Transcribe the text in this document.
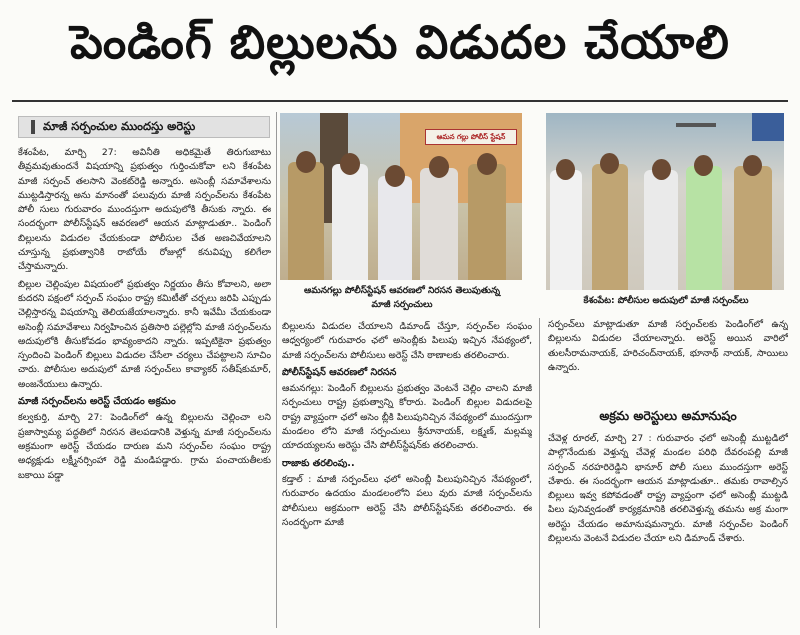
పెండింగ్ బిల్లులను విడుదల చేయాలి
మాజీ సర్పంచుల ముందస్తు అరెస్టు

కేశంపేట, మార్చి 27: అవినీతి అధికమైతే తిరుగుబాటు తీవ్రమవుతుందనే విషయాన్ని ప్రభుత్వం గుర్తించుకోవా లని కేశంపేట మాజీ సర్పంచ్ తలసాని వెంకట్‌రెడ్డి అన్నారు. అసెంబ్లీ సమావేశాలను ముట్టడిస్తారన్న అను మానంతో పలువురు మాజీ సర్పంచ్‌లను కేశంపేట పోలీ సులు గురువారం ముందస్తుగా అదుపులోకి తీసుకు న్నారు. ఈ సందర్భంగా పోలీస్‌స్టేషన్ ఆవరణలో ఆయన మాట్లాడుతూ.. పెండింగ్ బిల్లులను విడుదల చేయకుండా పోలీసుల చేత అణచివేయాలని చూస్తున్న ప్రభుత్వానికి రాబోయే రోజుల్లో కనువిప్పు కలిగేలా చేస్తామన్నారు.

బిల్లుల చెల్లింపుల విషయంలో ప్రభుత్వం నిర్ణయం తీసు కోవాలని, అలా కుదరని పక్షంలో సర్పంచ్ సంఘం రాష్ట్ర కమిటీతో చర్చలు జరిపి ఎప్పుడు చెల్లిస్తారన్న విషయాన్ని తెలియజేయాలన్నారు. కానీ ఇవేమీ చేయకుండా అసెంబ్లీ సమావేశాలు నిర్వహించిన ప్రతిసారి పల్లెల్లోని మాజీ సర్పంచ్‌లను అదుపులోకి తీసుకోవడం భావ్యంకాదని న్నారు. ఇప్పటికైనా ప్రభుత్వం స్పందించి పెండింగ్ బిల్లులు విడుదల చేసేలా చర్యలు చేపట్టాలని సూచిం చారు. పోలీసుల అదుపులో మాజీ సర్పంచ్‌లు కావ్యాకర్ సతీష్‌కుమార్, అంజనేయులు ఉన్నారు.

మాజీ సర్పంచ్‌లను అరెస్ట్ చేయడం అక్రమం

కల్వకుర్తి, మార్చి 27: పెండింగ్‌లో ఉన్న బిల్లులను చెల్లించా లని ప్రజాస్వామ్య పద్ధతిలో నిరసన తెలపడానికి వెళ్తున్న మాజీ సర్పంచ్‌లను అక్రమంగా అరెస్ట్ చేయడం దారుణ మని సర్పంచ్‌ల సంఘం రాష్ట్ర అధ్యక్షుడు లక్ష్మీనర్సింహా రెడ్డి మండిపడ్డారు. గ్రామ పంచాయతీలకు బకాయి పడ్డా

ఆమన గల్లు పోలీస్ స్టేషన్
ఆమనగల్లు పోలీస్‌స్టేషన్ ఆవరణలో నిరసన తెలుపుతున్న మాజీ సర్పంచులు	కేశంపేట: పోలీసుల అదుపులో మాజీ సర్పంచ్‌లు

బిల్లులను విడుదల చేయాలని డిమాండ్ చేస్తూ, సర్పంచ్‌ల సంఘం ఆధ్వర్యంలో గురువారం ఛలో అసెంబ్లీకు పిలుపు ఇచ్చిన నేపథ్యంలో, మాజీ సర్పంచ్‌లను పోలీసులు అరెస్ట్ చేసి ఠాణాలకు తరలించారు.

పోలీస్‌స్టేషన్ ఆవరణలో నిరసన

ఆమనగల్లు: పెండింగ్ బిల్లులను ప్రభుత్వం వెంటనే చెల్లిం చాలని మాజీ సర్పంచులు రాష్ట్ర ప్రభుత్వాన్ని కోరారు. పెండింగ్ బిల్లుల విడుదలపై రాష్ట్ర వ్యాప్తంగా ఛలో అసెం బ్లీకి పిలుపునిచ్చిన నేపథ్యంలో ముందస్తుగా మండలం లోని మాజీ సర్పంచులు శ్రీనూనాయక్, లక్ష్మణ్, మల్లమ్మ యాదయ్యలను అరెస్టు చేసి పోలీస్‌స్టేషన్‌కు తరలించారు.

రాజాకు తరలింపు..

కడ్తాల్ : మాజీ సర్పంచ్‌లు ఛలో అసెంబ్లీ పిలుపునిచ్చిన నేపథ్యంలో, గురువారం ఉదయం మండలంలోని పలు వురు మాజీ సర్పంచ్‌లను పోలీసులు అక్రమంగా అరెస్ట్ చేసి పోలీస్‌స్టేషన్‌కు తరలించారు. ఈ సందర్భంగా మాజీ

సర్పంచ్‌లు మాట్లాడుతూ మాజీ సర్పంచ్‌లకు పెండింగ్‌లో ఉన్న బిల్లులను విడుదల చేయాలన్నారు. అరెస్ట్ అయిన వారిలో తులసీరామనాయక్, హరిచంద్‌నాయక్, భూనాథ్ నాయక్, సాయిలు ఉన్నారు.

అక్రమ అరెస్టులు అమానుషం

చేవెళ్ల రూరల్, మార్చి 27 : గురువారం ఛలో అసెంబ్లీ ముట్టడిలో పాల్గొనేందుకు వెళ్తున్న చేవెళ్ల మండల పరిధి దేవరంపల్లి మాజీ సర్పంచ్ నరహరిరెడ్డిని భానూర్ పోలీ సులు ముందస్తుగా అరెస్ట్ చేశారు. ఈ సందర్భంగా ఆయన మాట్లాడుతూ.. తమకు రావాల్సిన బిల్లులు ఇవ్వ కపోవడంతో రాష్ట్ర వ్యాప్తంగా ఛలో అసెంబ్లీ ముట్టడి పిలు పునివ్వడంతో కార్యక్రమానికి తరలివెళ్తున్న తమను అక్ర మంగా అరెస్టు చేయడం అమానుషమన్నారు. మాజీ సర్పంచ్‌ల పెండింగ్ బిల్లులను వెంటనే విడుదల చేయా లని డిమాండ్ చేశారు.
